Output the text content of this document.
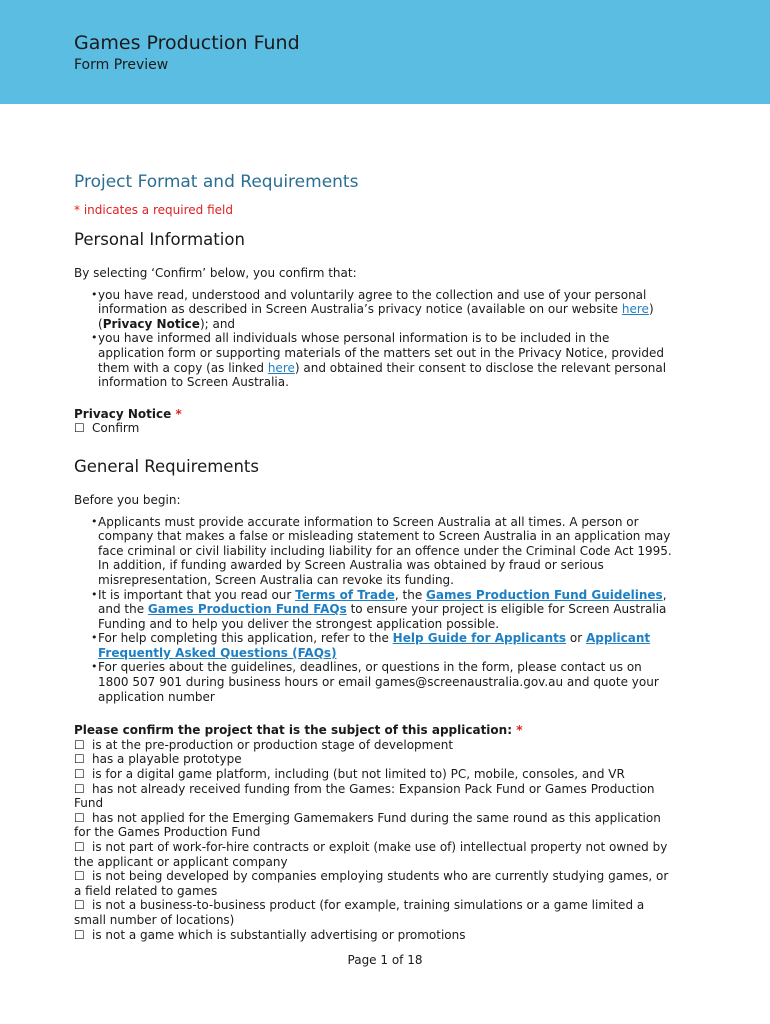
Games Production Fund
Form Preview
Project Format and Requirements
* indicates a required field
Personal Information
By selecting ‘Confirm’ below, you confirm that:
• you have read, understood and voluntarily agree to the collection and use of your personal information as described in Screen Australia’s privacy notice (available on our website here) (Privacy Notice); and
• you have informed all individuals whose personal information is to be included in the application form or supporting materials of the matters set out in the Privacy Notice, provided them with a copy (as linked here) and obtained their consent to disclose the relevant personal information to Screen Australia.
Privacy Notice *
☐ Confirm
General Requirements
Before you begin:
• Applicants must provide accurate information to Screen Australia at all times. A person or company that makes a false or misleading statement to Screen Australia in an application may face criminal or civil liability including liability for an offence under the Criminal Code Act 1995. In addition, if funding awarded by Screen Australia was obtained by fraud or serious misrepresentation, Screen Australia can revoke its funding.
• It is important that you read our Terms of Trade, the Games Production Fund Guidelines, and the Games Production Fund FAQs to ensure your project is eligible for Screen Australia Funding and to help you deliver the strongest application possible.
• For help completing this application, refer to the Help Guide for Applicants or Applicant Frequently Asked Questions (FAQs)
• For queries about the guidelines, deadlines, or questions in the form, please contact us on 1800 507 901 during business hours or email games@screenaustralia.gov.au and quote your application number
Please confirm the project that is the subject of this application: *
☐ is at the pre-production or production stage of development
☐ has a playable prototype
☐ is for a digital game platform, including (but not limited to) PC, mobile, consoles, and VR
☐ has not already received funding from the Games: Expansion Pack Fund or Games Production Fund
☐ has not applied for the Emerging Gamemakers Fund during the same round as this application for the Games Production Fund
☐ is not part of work-for-hire contracts or exploit (make use of) intellectual property not owned by the applicant or applicant company
☐ is not being developed by companies employing students who are currently studying games, or a field related to games
☐ is not a business-to-business product (for example, training simulations or a game limited a small number of locations)
☐ is not a game which is substantially advertising or promotions
Page 1 of 18
